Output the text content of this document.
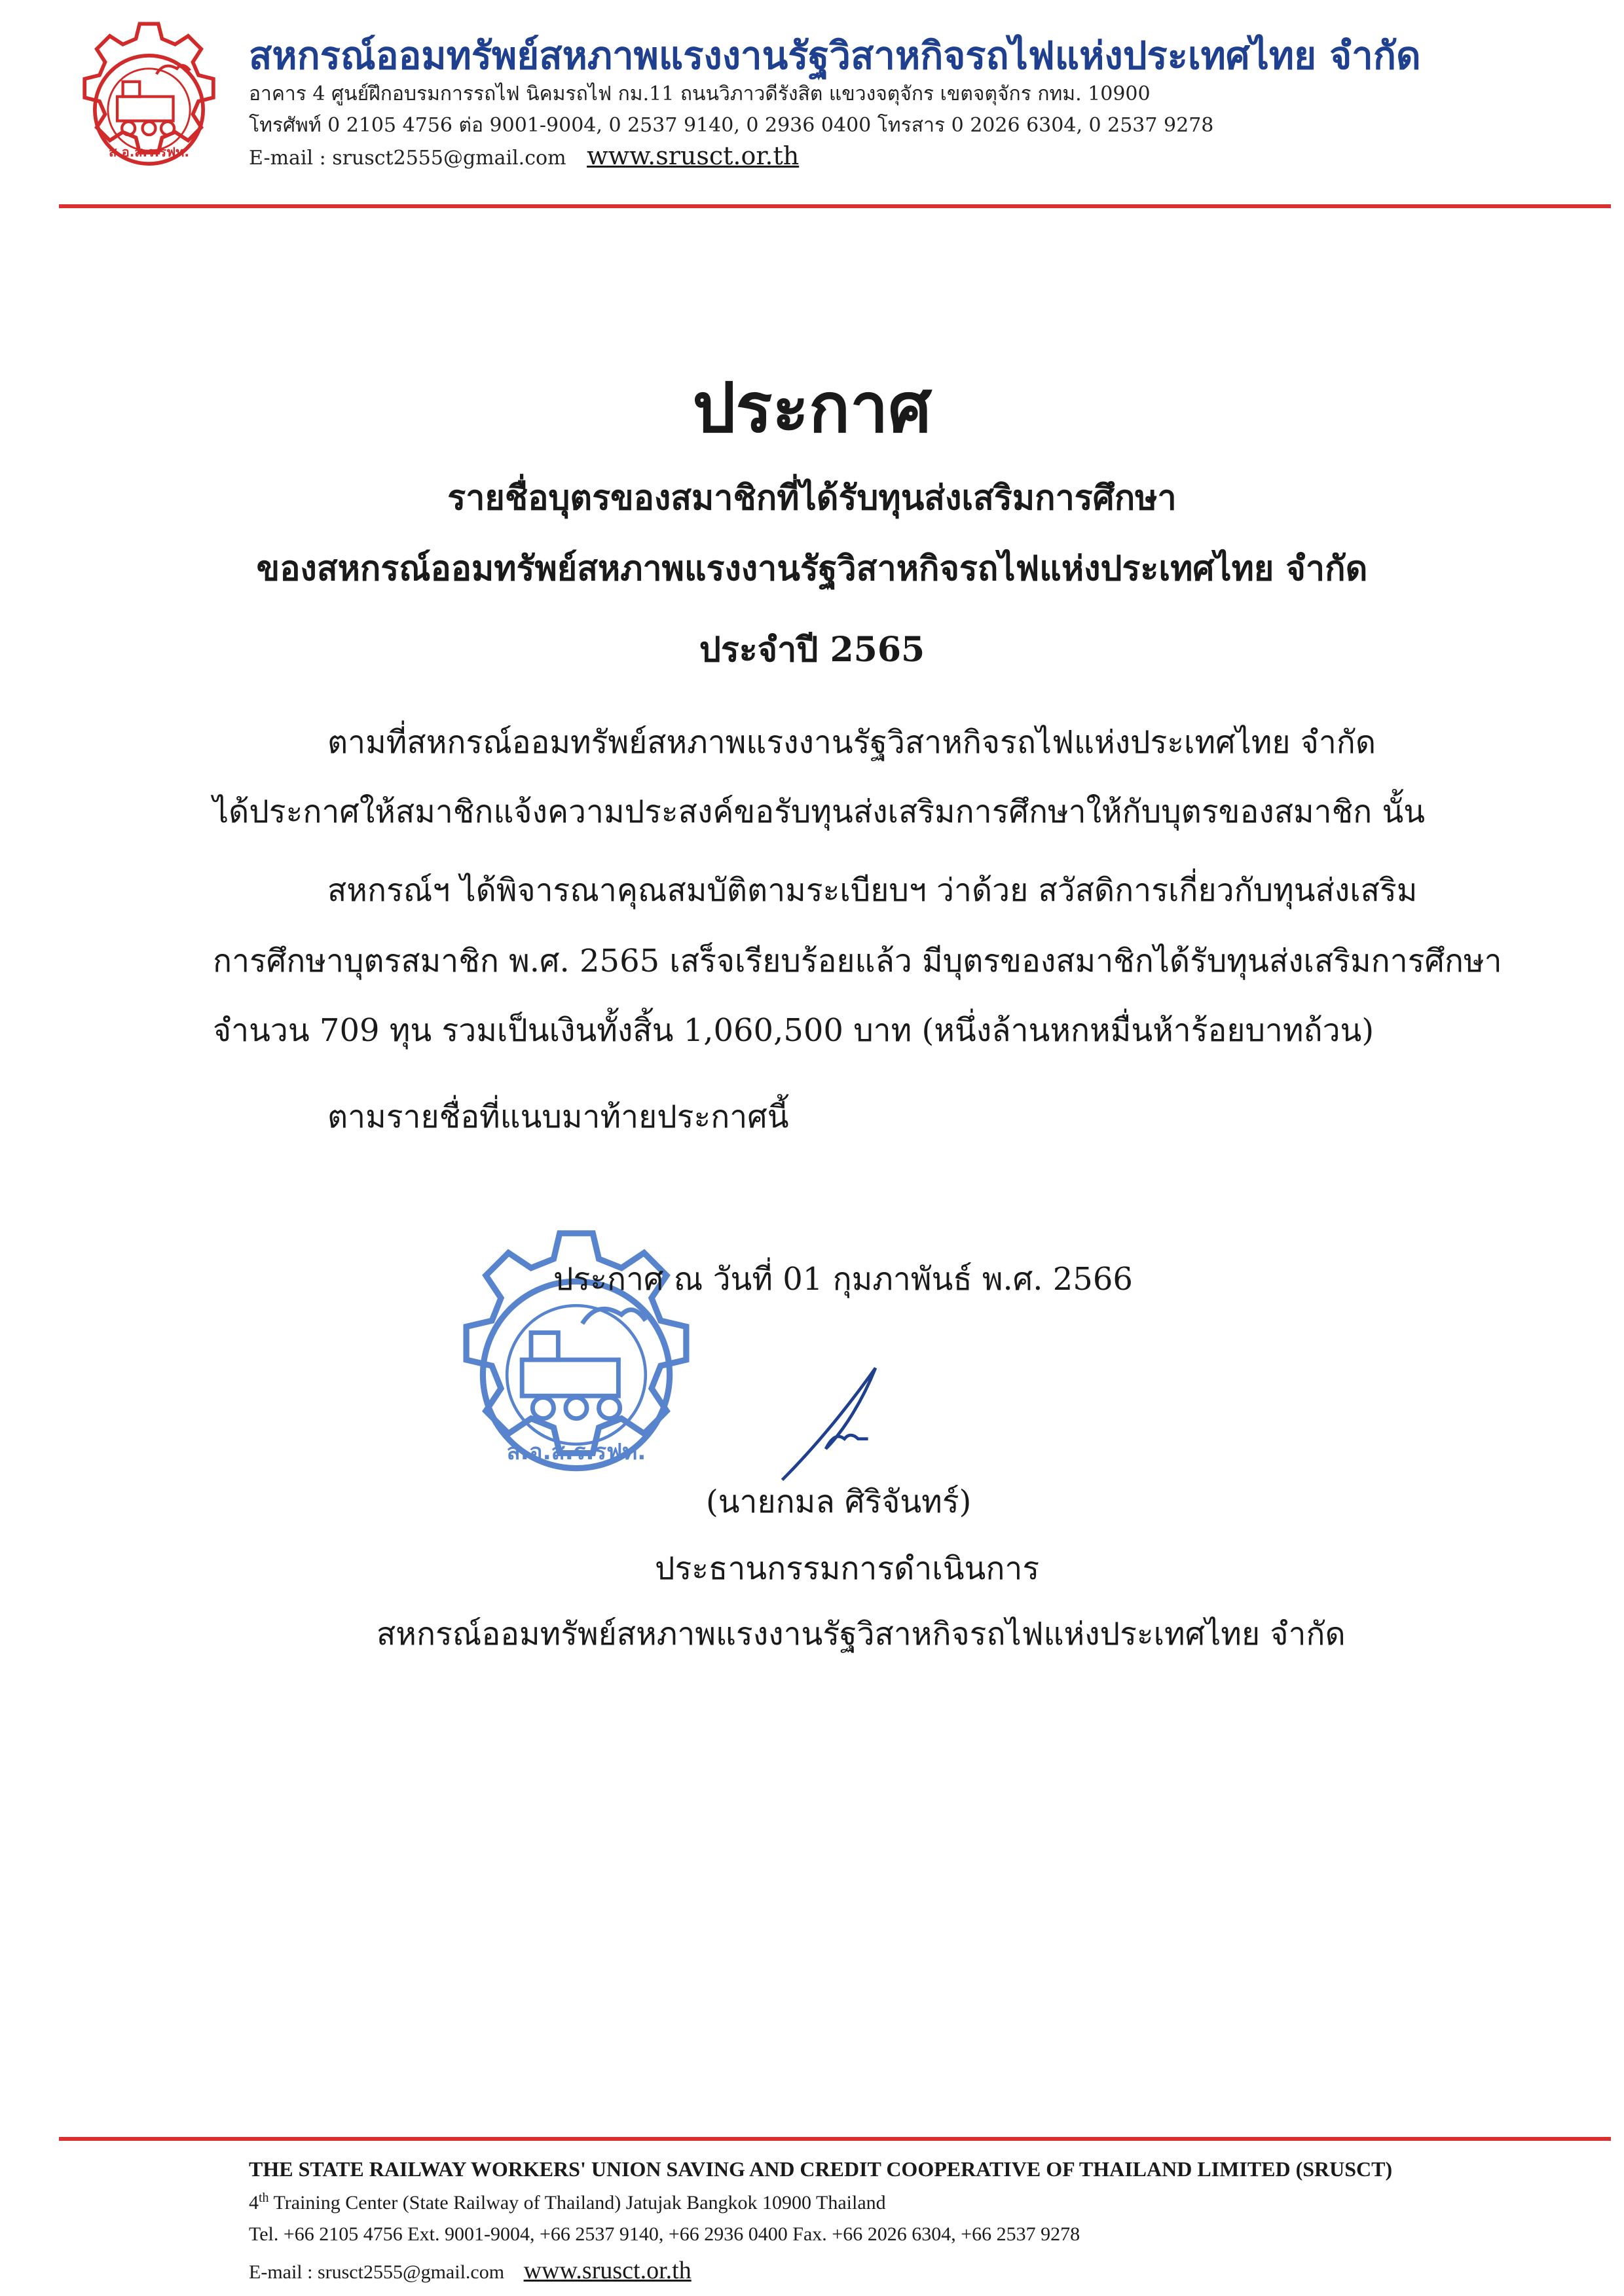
ส.อ.ส.ร.รฟท.
สหกรณ์ออมทรัพย์สหภาพแรงงานรัฐวิสาหกิจรถไฟแห่งประเทศไทย จำกัด
อาคาร 4 ศูนย์ฝึกอบรมการรถไฟ นิคมรถไฟ กม.11 ถนนวิภาวดีรังสิต แขวงจตุจักร เขตจตุจักร กทม. 10900
โทรศัพท์ 0 2105 4756 ต่อ 9001-9004, 0 2537 9140, 0 2936 0400 โทรสาร 0 2026 6304, 0 2537 9278
E-mail : srusct2555@gmail.com www.srusct.or.th
ประกาศ
รายชื่อบุตรของสมาชิกที่ได้รับทุนส่งเสริมการศึกษา
ของสหกรณ์ออมทรัพย์สหภาพแรงงานรัฐวิสาหกิจรถไฟแห่งประเทศไทย จำกัด
ประจำปี 2565
ตามที่สหกรณ์ออมทรัพย์สหภาพแรงงานรัฐวิสาหกิจรถไฟแห่งประเทศไทย จำกัด
ได้ประกาศให้สมาชิกแจ้งความประสงค์ขอรับทุนส่งเสริมการศึกษาให้กับบุตรของสมาชิก นั้น
สหกรณ์ฯ ได้พิจารณาคุณสมบัติตามระเบียบฯ ว่าด้วย สวัสดิการเกี่ยวกับทุนส่งเสริม
การศึกษาบุตรสมาชิก พ.ศ. 2565 เสร็จเรียบร้อยแล้ว มีบุตรของสมาชิกได้รับทุนส่งเสริมการศึกษา
จำนวน 709 ทุน รวมเป็นเงินทั้งสิ้น 1,060,500 บาท (หนึ่งล้านหกหมื่นห้าร้อยบาทถ้วน)
ตามรายชื่อที่แนบมาท้ายประกาศนี้
ส.อ.ส.ร.รฟท.
ประกาศ ณ วันที่ 01 กุมภาพันธ์ พ.ศ. 2566
(นายกมล ศิริจันทร์)
ประธานกรรมการดำเนินการ
สหกรณ์ออมทรัพย์สหภาพแรงงานรัฐวิสาหกิจรถไฟแห่งประเทศไทย จำกัด
THE STATE RAILWAY WORKERS' UNION SAVING AND CREDIT COOPERATIVE OF THAILAND LIMITED (SRUSCT)
4th Training Center (State Railway of Thailand) Jatujak Bangkok 10900 Thailand
Tel. +66 2105 4756 Ext. 9001-9004, +66 2537 9140, +66 2936 0400 Fax. +66 2026 6304, +66 2537 9278
E-mail : srusct2555@gmail.com www.srusct.or.th
